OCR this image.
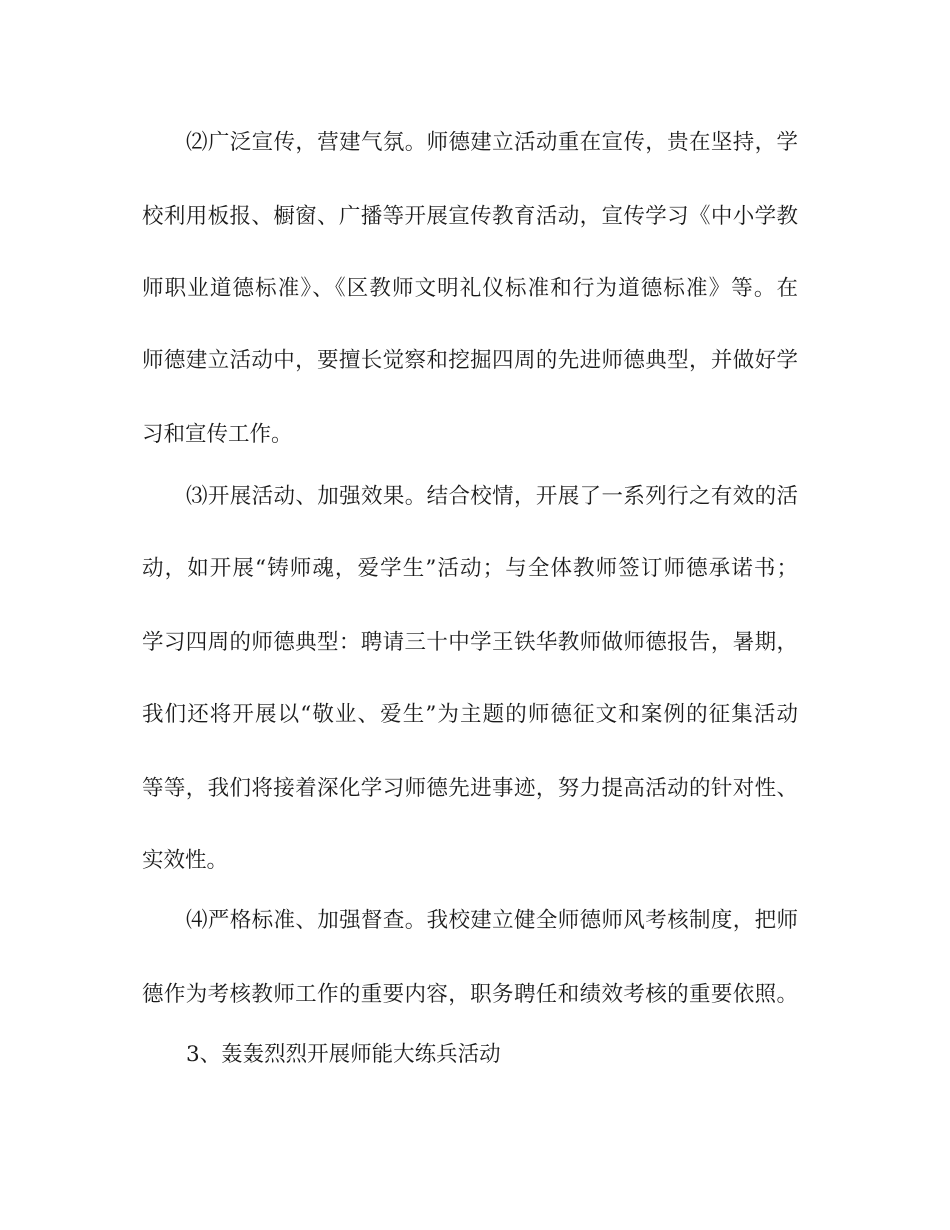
⑵广泛宣传，营建气氛。师德建立活动重在宣传，贵在坚持，学
校利用板报、橱窗、广播等开展宣传教育活动，宣传学习《中小学教
师职业道德标准》、《区教师文明礼仪标准和行为道德标准》等。在
师德建立活动中，要擅长觉察和挖掘四周的先进师德典型，并做好学
习和宣传工作。
⑶开展活动、加强效果。结合校情，开展了一系列行之有效的活
动，如开展“铸师魂，爱学生”活动；与全体教师签订师德承诺书；
学习四周的师德典型：聘请三十中学王铁华教师做师德报告，暑期，
我们还将开展以“敬业、爱生”为主题的师德征文和案例的征集活动
等等，我们将接着深化学习师德先进事迹，努力提高活动的针对性、
实效性。
⑷严格标准、加强督查。我校建立健全师德师风考核制度，把师
德作为考核教师工作的重要内容，职务聘任和绩效考核的重要依照。
3、轰轰烈烈开展师能大练兵活动
